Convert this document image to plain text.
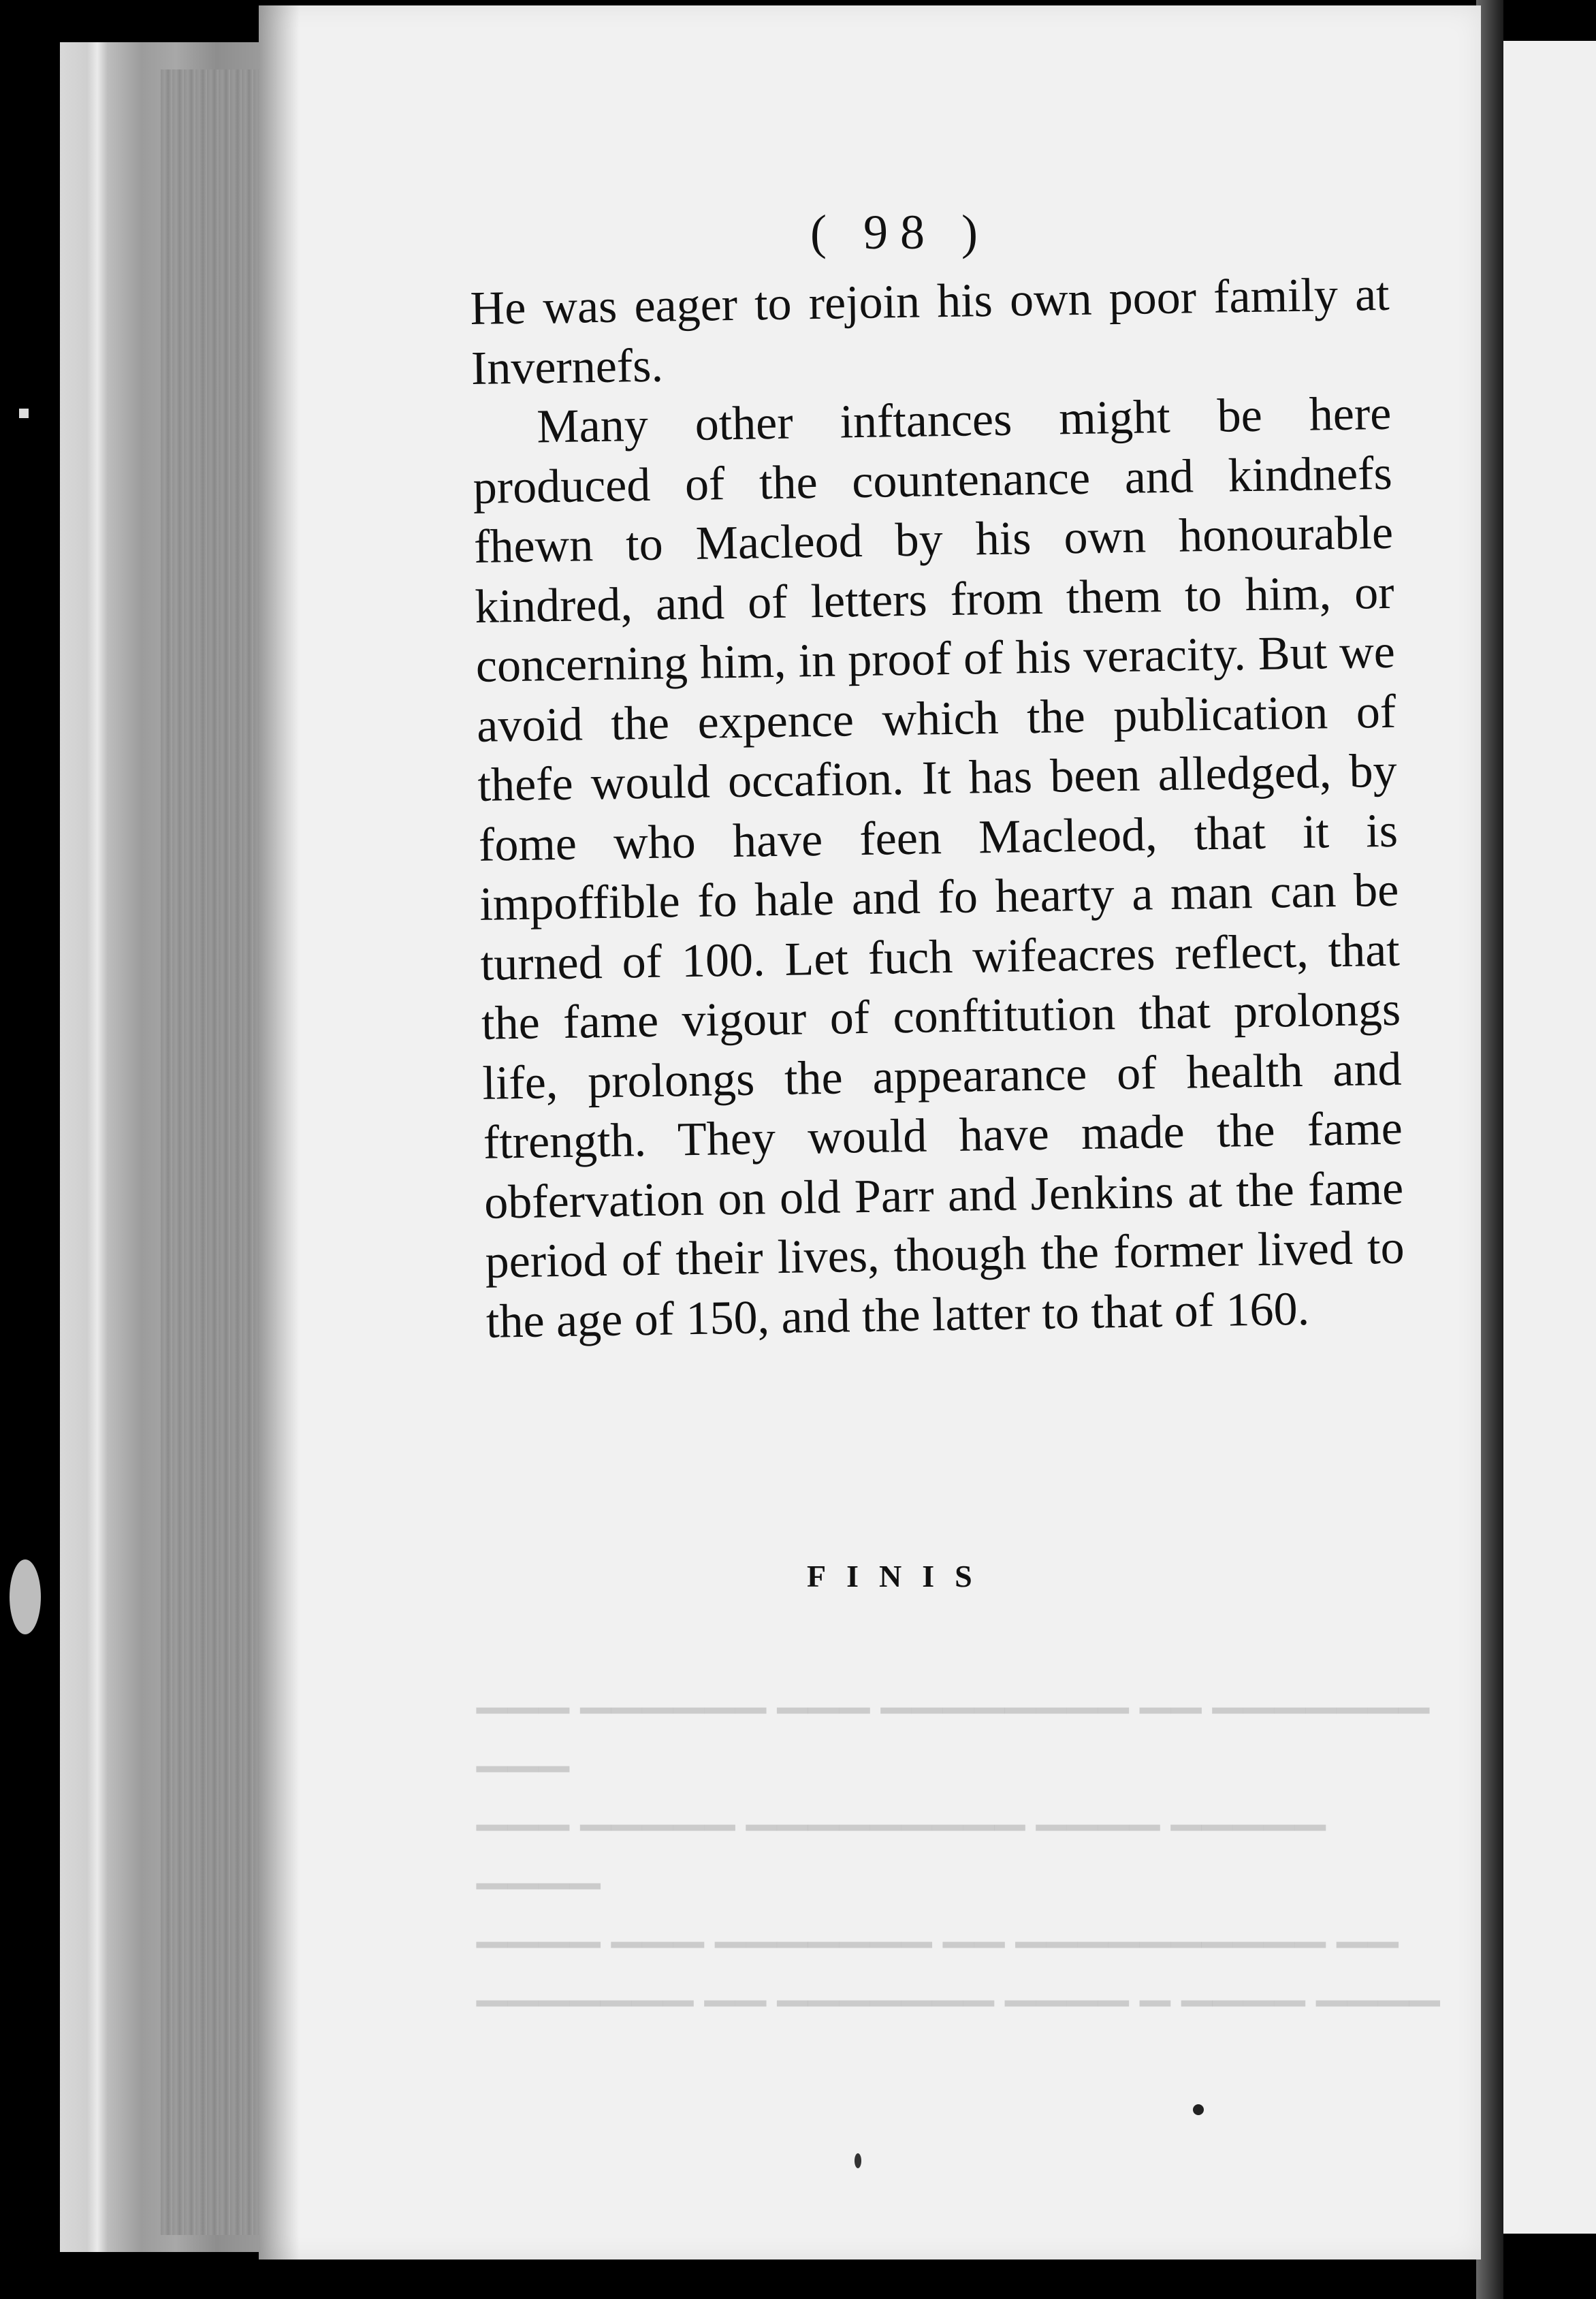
▁▁▁ ▁▁▁▁▁▁ ▁▁▁ ▁▁▁▁▁▁▁▁ ▁▁ ▁▁▁▁▁▁▁ ▁▁▁
▁▁▁ ▁▁▁▁▁ ▁▁▁▁▁▁▁▁▁ ▁▁▁▁ ▁▁▁▁▁ ▁▁▁▁
▁▁▁▁ ▁▁▁ ▁▁▁▁▁▁▁ ▁▁ ▁▁▁▁▁▁▁▁▁▁ ▁▁
▁▁▁▁▁▁▁ ▁▁ ▁▁▁▁▁▁▁ ▁▁▁▁ ▁ ▁▁▁▁ ▁▁▁▁
( 98 )

He was eager to rejoin his own poor family at Invernefs.

Many other inftances might be here produced of the countenance and kindnefs fhewn to Macleod by his own honourable kindred, and of letters from them to him, or concerning him, in proof of his veracity. But we avoid the expence which the publication of thefe would occafion. It has been alledged, by fome who have feen Macleod, that it is impoffible fo hale and fo hearty a man can be turned of 100. Let fuch wifeacres reflect, that the fame vigour of conftitution that prolongs life, prolongs the appearance of health and ftrength. They would have made the fame obfervation on old Parr and Jenkins at the fame period of their lives, though the former lived to the age of 150, and the latter to that of 160.

FINIS
